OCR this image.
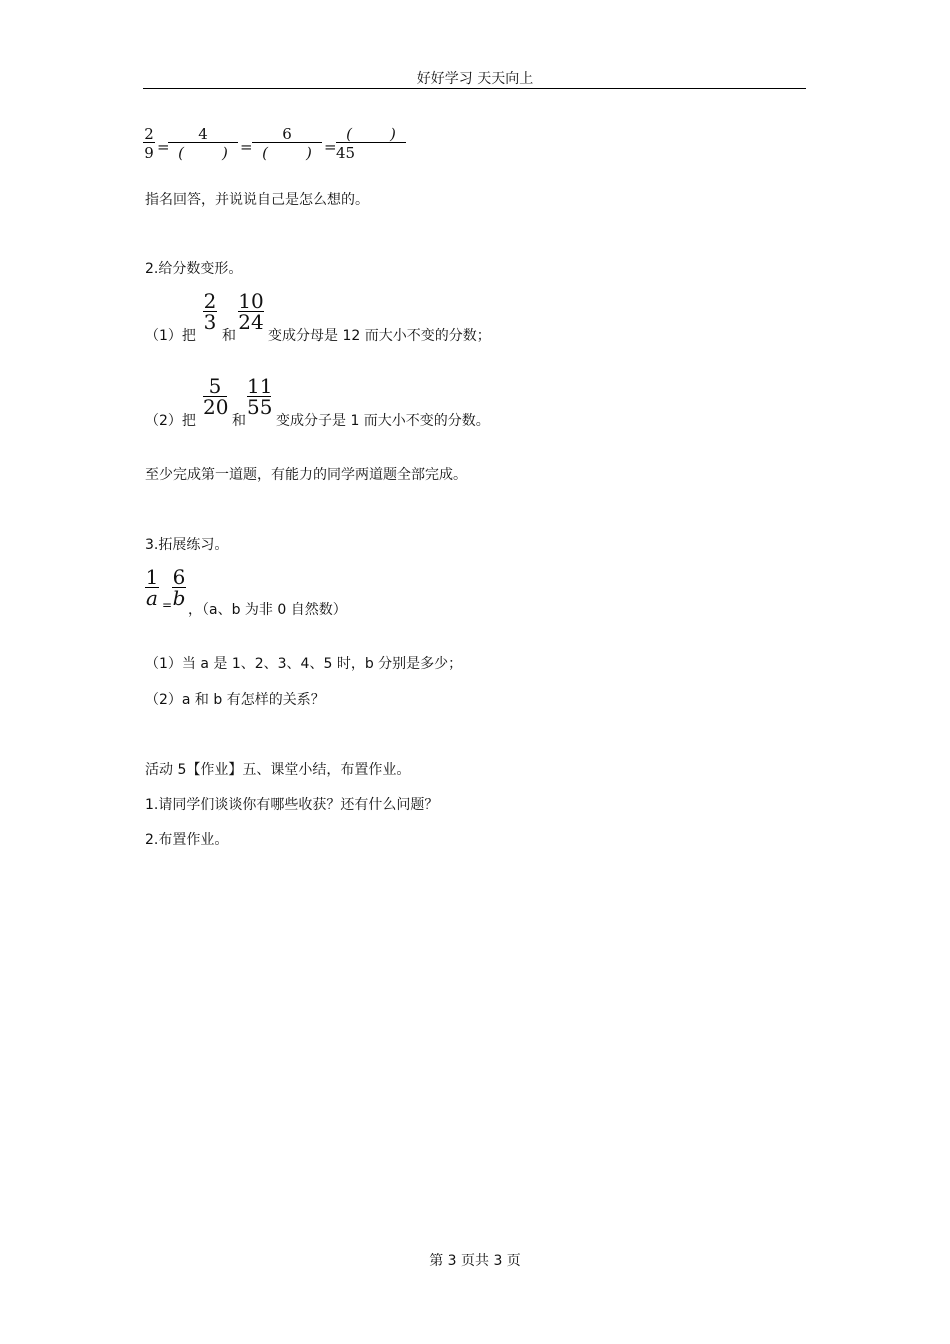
好好学习 天天向上
2
9 =
4
(        ) =
6
(        ) =
(        )
45
指名回答，并说说自己是怎么想的。
2.给分数变形。
（1）把
2
3
和
10
24
变成分母是 12 而大小不变的分数；
（2）把
5
20
和
11
55
变成分子是 1 而大小不变的分数。
至少完成第一道题，有能力的同学两道题全部完成。
3.拓展练习。
1
a =
6
b ，（a、b 为非 0 自然数）
（1）当 a 是 1、2、3、4、5 时，b 分别是多少；
（2）a 和 b 有怎样的关系？
活动 5【作业】五、课堂小结，布置作业。
1.请同学们谈谈你有哪些收获？还有什么问题？
2.布置作业。
第 3 页共 3 页
